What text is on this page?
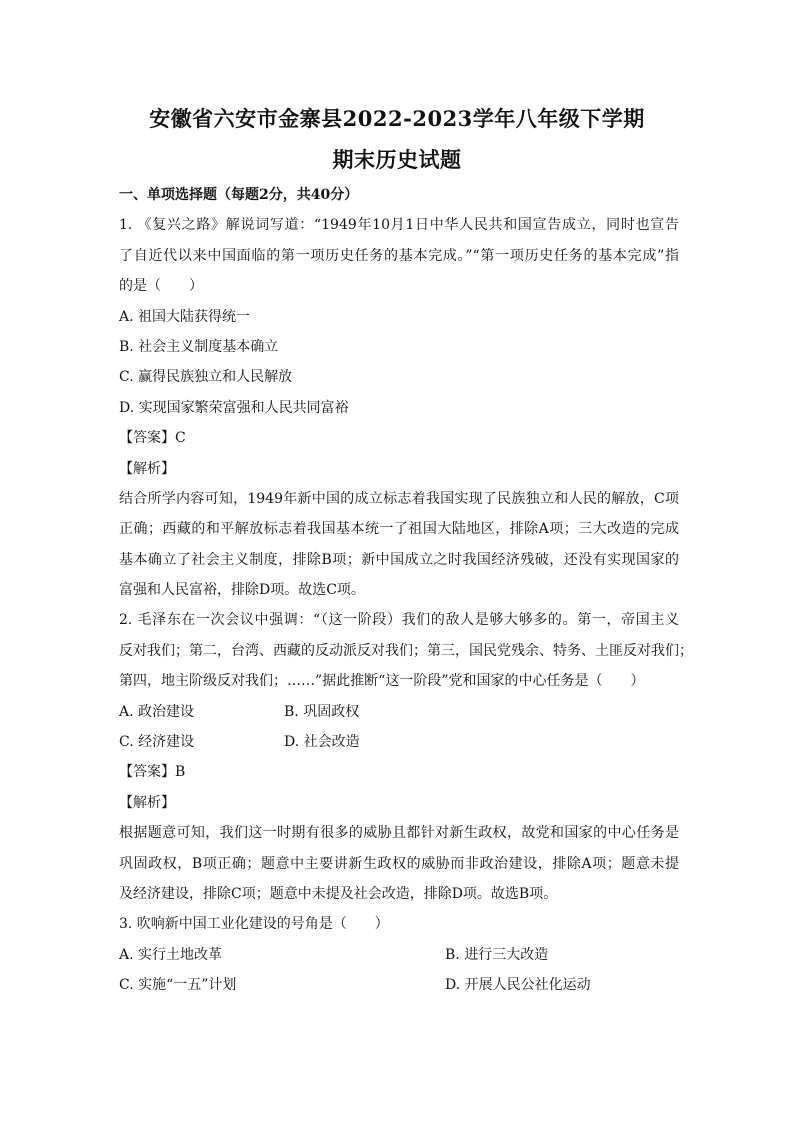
安徽省六安市金寨县2022-2023学年八年级下学期
期末历史试题
一、单项选择题（每题2分，共40分）
1. 《复兴之路》解说词写道：“1949年10月1日中华人民共和国宣告成立，同时也宣告
了自近代以来中国面临的第一项历史任务的基本完成。”“第一项历史任务的基本完成”指
的是（　　）
A. 祖国大陆获得统一
B. 社会主义制度基本确立
C. 赢得民族独立和人民解放
D. 实现国家繁荣富强和人民共同富裕
【答案】C
【解析】
结合所学内容可知，1949年新中国的成立标志着我国实现了民族独立和人民的解放，C项
正确；西藏的和平解放标志着我国基本统一了祖国大陆地区，排除A项；三大改造的完成
基本确立了社会主义制度，排除B项；新中国成立之时我国经济残破，还没有实现国家的
富强和人民富裕，排除D项。故选C项。
2. 毛泽东在一次会议中强调：“（这一阶段）我们的敌人是够大够多的。第一，帝国主义
反对我们；第二，台湾、西藏的反动派反对我们；第三，国民党残余、特务、土匪反对我们；
第四，地主阶级反对我们；……”据此推断“这一阶段”党和国家的中心任务是（　　）
A. 政治建设	B. 巩固政权
C. 经济建设	D. 社会改造
【答案】B
【解析】
根据题意可知，我们这一时期有很多的威胁且都针对新生政权，故党和国家的中心任务是
巩固政权，B项正确；题意中主要讲新生政权的威胁而非政治建设，排除A项；题意未提
及经济建设，排除C项；题意中未提及社会改造，排除D项。故选B项。
3. 吹响新中国工业化建设的号角是（　　）
A. 实行土地改革	B. 进行三大改造
C. 实施“一五”计划	D. 开展人民公社化运动
